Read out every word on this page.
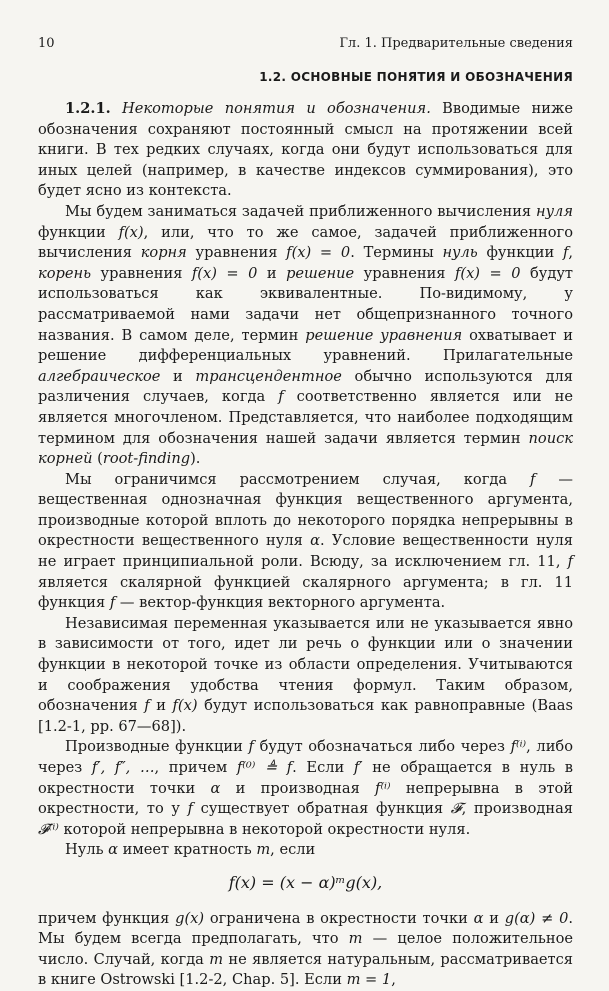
10	Гл. 1. Предварительные сведения
1.2. ОСНОВНЫЕ ПОНЯТИЯ И ОБОЗНАЧЕНИЯ

1.2.1. Некоторые понятия и обозначения. Вводимые ниже обозначения сохраняют постоянный смысл на протяжении всей книги. В тех редких случаях, когда они будут использоваться для иных целей (например, в качестве индексов суммирования), это будет ясно из контекста.

Мы будем заниматься задачей приближенного вычисления нуля функции f(x), или, что то же самое, задачей приближенного вычисления корня уравнения f(x) = 0. Термины нуль функции f, корень уравнения f(x) = 0 и решение уравнения f(x) = 0 будут использоваться как эквивалентные. По-видимому, у рассматриваемой нами задачи нет общепризнанного точного названия. В самом деле, термин решение уравнения охватывает и решение дифференциальных уравнений. Прилагательные алгебраическое и трансцендентное обычно используются для различения случаев, когда f соответственно является или не является многочленом. Представляется, что наиболее подходящим термином для обозначения нашей задачи является термин поиск корней (root-finding).

Мы ограничимся рассмотрением случая, когда f — вещественная однозначная функция вещественного аргумента, производные которой вплоть до некоторого порядка непрерывны в окрестности вещественного нуля α. Условие вещественности нуля не играет принципиальной роли. Всюду, за исключением гл. 11, f является скалярной функцией скалярного аргумента; в гл. 11 функция f — вектор-функция векторного аргумента.

Независимая переменная указывается или не указывается явно в зависимости от того, идет ли речь о функции или о значении функции в некоторой точке из области определения. Учитываются и соображения удобства чтения формул. Таким образом, обозначения f и f(x) будут использоваться как равноправные (Baas [1.2-1, pp. 67—68]).

Производные функции f будут обозначаться либо через f⁽ⁱ⁾, либо через f′, f″, …, причем f⁽⁰⁾ ≜ f. Если f′ не обращается в нуль в окрестности точки α и производная f⁽ⁱ⁾ непрерывна в этой окрестности, то у f существует обратная функция 𝓕, производная 𝓕⁽ⁱ⁾ которой непрерывна в некоторой окрестности нуля.

Нуль α имеет кратность m, если

f(x) = (x − α)ᵐg(x),

причем функция g(x) ограничена в окрестности точки α и g(α) ≠ 0. Мы будем всегда предполагать, что m — целое положительное число. Случай, когда m не является натуральным, рассматривается в книге Ostrowski [1.2-2, Chap. 5]. Если m = 1,
